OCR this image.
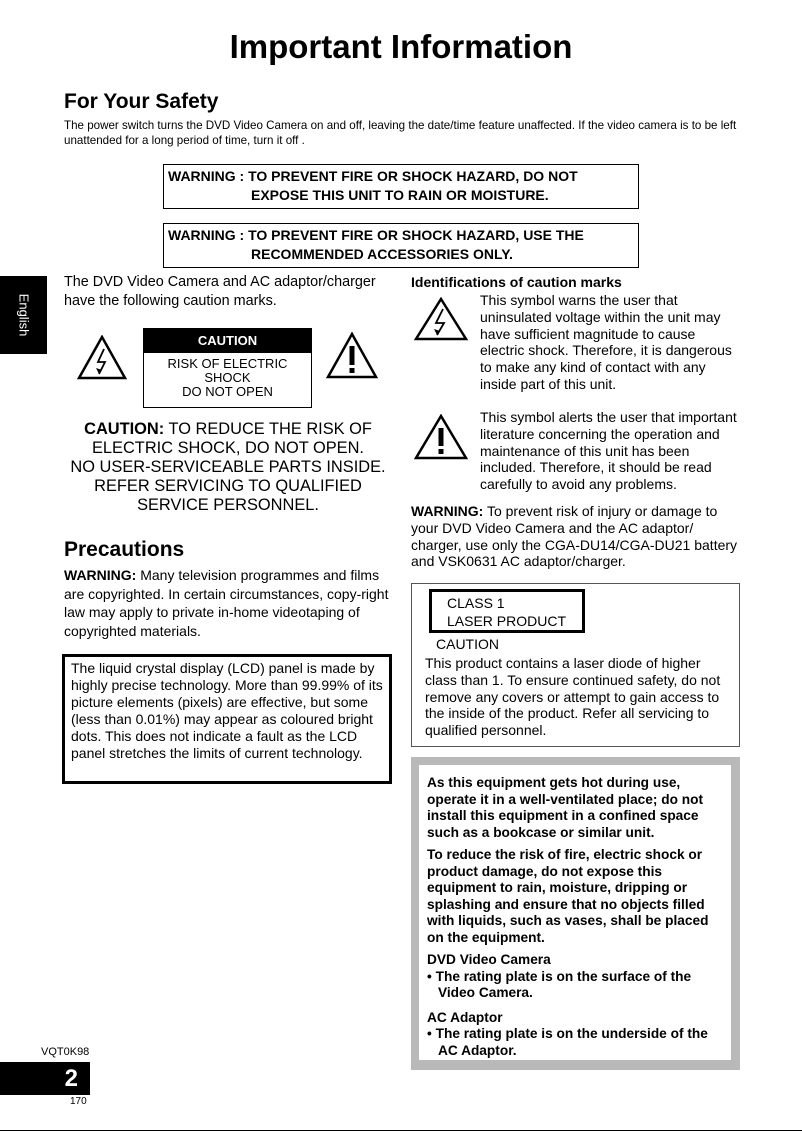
Important Information
English
For Your Safety
The power switch turns the DVD Video Camera on and off, leaving the date/time feature unaffected. If the video camera is to be left unattended for a long period of time, turn it off .
WARNING : TO PREVENT FIRE OR SHOCK HAZARD, DO NOT
EXPOSE THIS UNIT TO RAIN OR MOISTURE.
WARNING : TO PREVENT FIRE OR SHOCK HAZARD, USE THE
RECOMMENDED ACCESSORIES ONLY.
The DVD Video Camera and AC adaptor/charger have the following caution marks.
CAUTION
RISK OF ELECTRIC
SHOCK
DO NOT OPEN
CAUTION: TO REDUCE THE RISK OF
ELECTRIC SHOCK, DO NOT OPEN.
NO USER-SERVICEABLE PARTS INSIDE.
REFER SERVICING TO QUALIFIED
SERVICE PERSONNEL.
Precautions
WARNING: Many television programmes and films are copyrighted. In certain circumstances, copy-right law may apply to private in-home videotaping of copyrighted materials.
The liquid crystal display (LCD) panel is made by highly precise technology. More than 99.99% of its picture elements (pixels) are effective, but some (less than 0.01%) may appear as coloured bright dots. This does not indicate a fault as the LCD panel stretches the limits of current technology.
Identifications of caution marks
This symbol warns the user that uninsulated voltage within the unit may have sufficient magnitude to cause electric shock. Therefore, it is dangerous to make any kind of contact with any inside part of this unit.
This symbol alerts the user that important literature concerning the operation and maintenance of this unit has been included. Therefore, it should be read carefully to avoid any problems.
WARNING: To prevent risk of injury or damage to your DVD Video Camera and the AC adaptor/ charger, use only the CGA-DU14/CGA-DU21 battery and VSK0631 AC adaptor/charger.
CLASS 1
LASER PRODUCT
CAUTION
This product contains a laser diode of higher class than 1. To ensure continued safety, do not remove any covers or attempt to gain access to the inside of the product. Refer all servicing to qualified personnel.

As this equipment gets hot during use, operate it in a well-ventilated place; do not install this equipment in a confined space such as a bookcase or similar unit.

To reduce the risk of fire, electric shock or product damage, do not expose this equipment to rain, moisture, dripping or splashing and ensure that no objects filled with liquids, such as vases, shall be placed on the equipment.

DVD Video Camera

• The rating plate is on the surface of the Video Camera.

AC Adaptor

• The rating plate is on the underside of the AC Adaptor.

VQT0K98
2
170
